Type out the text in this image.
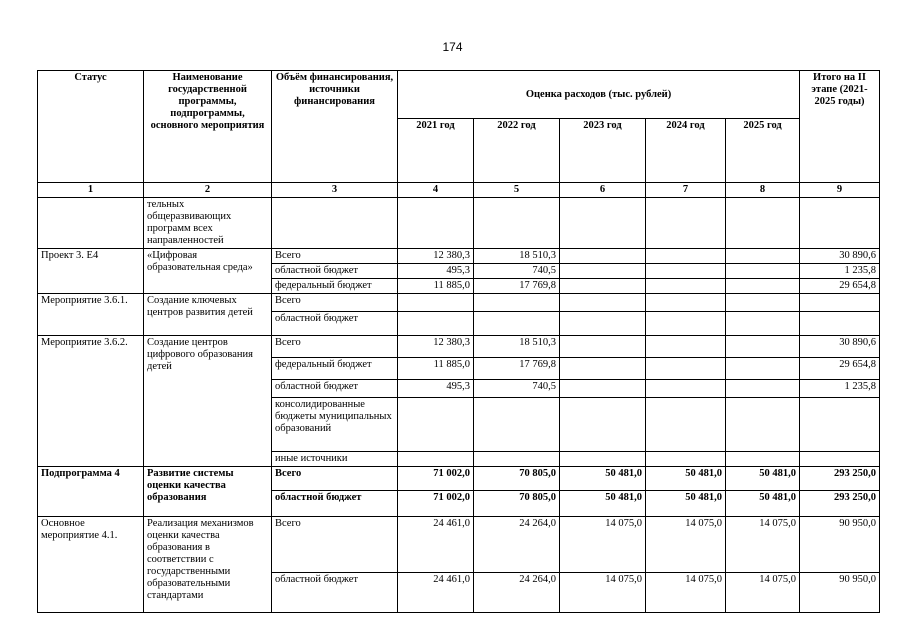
174
Статус	Наименование государственной программы, подпрограммы, основного мероприятия	Объём финансирования, источники финансирования	Оценка расходов (тыс. рублей)					Итого на II этапе (2021-2025 годы)
			2021 год	2022 год	2023 год	2024 год	2025 год	
1	2	3	4	5	6	7	8	9
	тельных общеразвивающих программ всех направленностей							
Проект 3. Е4	«Цифровая образовательная среда»	Всего	12 380,3	18 510,3				30 890,6
		областной бюджет	495,3	740,5				1 235,8
		федеральный бюджет	11 885,0	17 769,8				29 654,8
Мероприятие 3.6.1.	Создание ключевых центров развития детей	Всего						
		областной бюджет						
Мероприятие 3.6.2.	Создание центров цифрового образования детей	Всего	12 380,3	18 510,3				30 890,6
		федеральный бюджет	11 885,0	17 769,8				29 654,8
		областной бюджет	495,3	740,5				1 235,8
		консолидированные бюджеты муниципальных образований						
		иные источники						
Подпрограмма 4	Развитие системы оценки качества образования	Всего	71 002,0	70 805,0	50 481,0	50 481,0	50 481,0	293 250,0
		областной бюджет	71 002,0	70 805,0	50 481,0	50 481,0	50 481,0	293 250,0
Основное мероприятие 4.1.	Реализация механизмов оценки качества образования в соответствии с государственными образовательными стандартами	Всего	24 461,0	24 264,0	14 075,0	14 075,0	14 075,0	90 950,0
		областной бюджет	24 461,0	24 264,0	14 075,0	14 075,0	14 075,0	90 950,0
